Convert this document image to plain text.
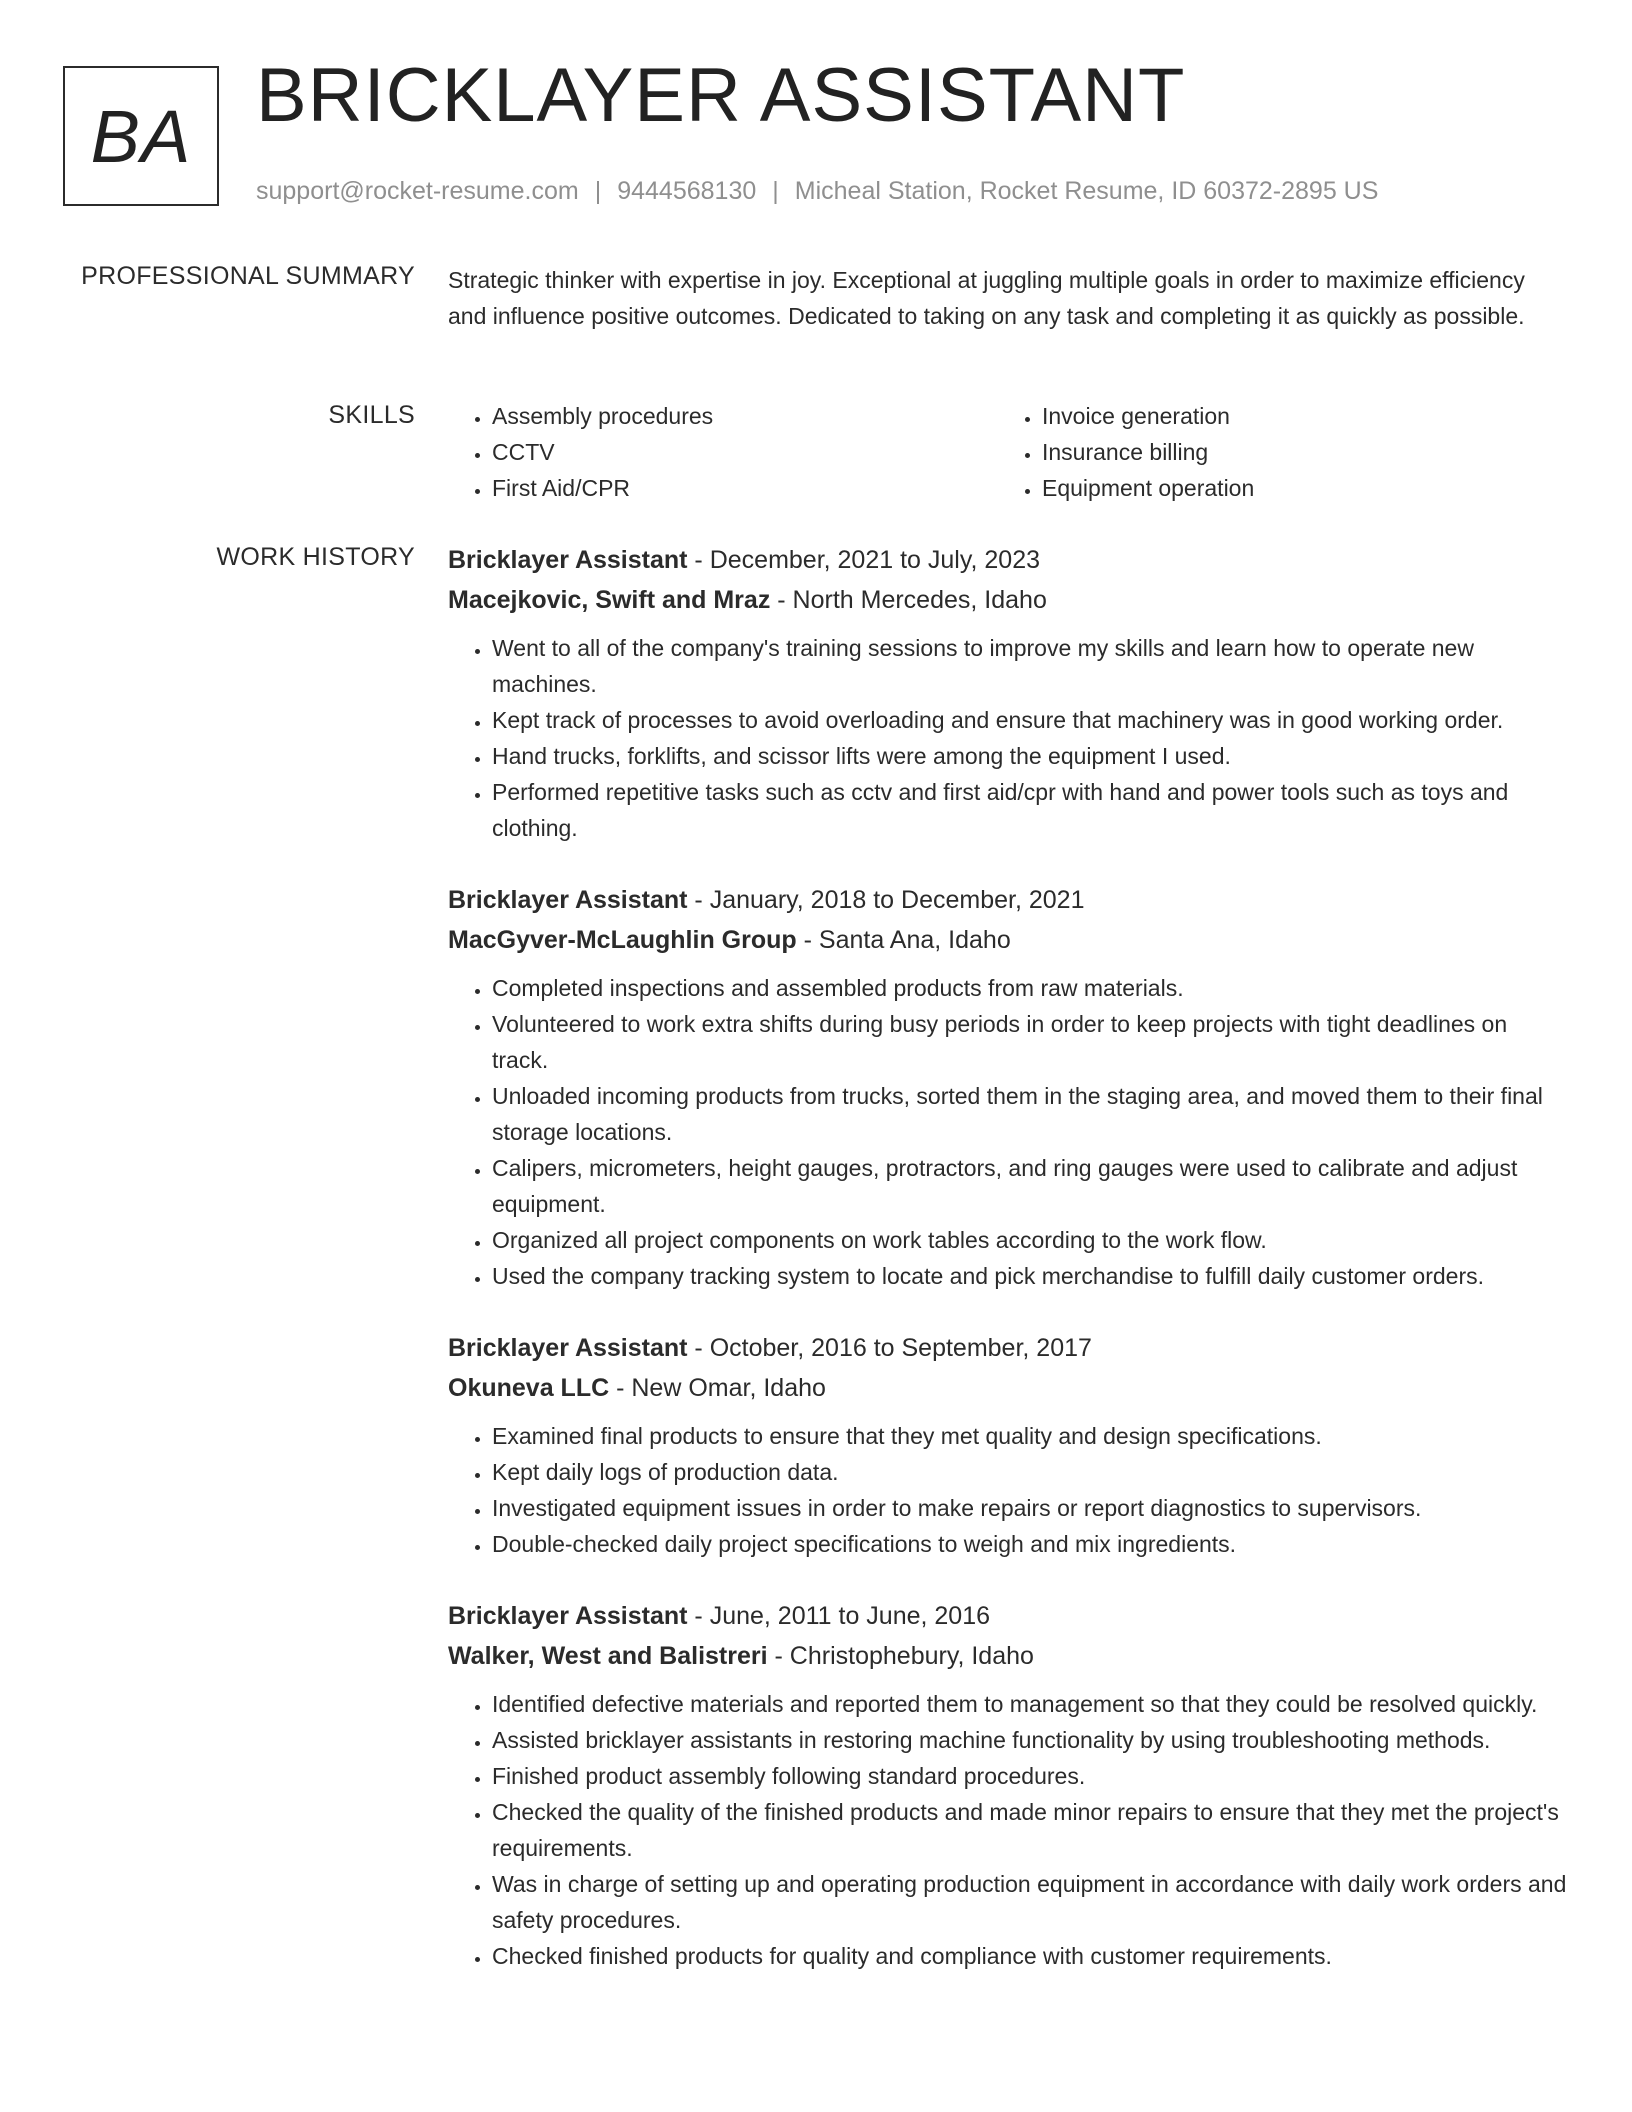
BA BRICKLAYER ASSISTANT
support@rocket-resume.com | 9444568130 | Micheal Station, Rocket Resume, ID 60372-2895 US
PROFESSIONAL SUMMARY Strategic thinker with expertise in joy. Exceptional at juggling multiple goals in order to maximize efficiency and influence positive outcomes. Dedicated to taking on any task and completing it as quickly as possible.

SKILLS
•	Assembly procedures
• CCTV
• First Aid/CPR
• Invoice generation
• Insurance billing
• Equipment operation
WORK HISTORY Bricklayer Assistant - December, 2021 to July, 2023
Macejkovic, Swift and Mraz - North Mercedes, Idaho
• Went to all of the company's training sessions to improve my skills and learn how to operate new machines.
• Kept track of processes to avoid overloading and ensure that machinery was in good working order.
• Hand trucks, forklifts, and scissor lifts were among the equipment I used.
• Performed repetitive tasks such as cctv and first aid/cpr with hand and power tools such as toys and clothing.
Bricklayer Assistant - January, 2018 to December, 2021
MacGyver-McLaughlin Group - Santa Ana, Idaho
• Completed inspections and assembled products from raw materials.
• Volunteered to work extra shifts during busy periods in order to keep projects with tight deadlines on track.
• Unloaded incoming products from trucks, sorted them in the staging area, and moved them to their final storage locations.
• Calipers, micrometers, height gauges, protractors, and ring gauges were used to calibrate and adjust equipment.
• Organized all project components on work tables according to the work flow.
• Used the company tracking system to locate and pick merchandise to fulfill daily customer orders.
Bricklayer Assistant - October, 2016 to September, 2017
Okuneva LLC - New Omar, Idaho
• Examined final products to ensure that they met quality and design specifications.
• Kept daily logs of production data.
• Investigated equipment issues in order to make repairs or report diagnostics to supervisors.
• Double-checked daily project specifications to weigh and mix ingredients.
Bricklayer Assistant - June, 2011 to June, 2016
Walker, West and Balistreri - Christophebury, Idaho
• Identified defective materials and reported them to management so that they could be resolved quickly.
• Assisted bricklayer assistants in restoring machine functionality by using troubleshooting methods.
• Finished product assembly following standard procedures.
• Checked the quality of the finished products and made minor repairs to ensure that they met the project's requirements.
• Was in charge of setting up and operating production equipment in accordance with daily work orders and safety procedures.
• Checked finished products for quality and compliance with customer requirements.
